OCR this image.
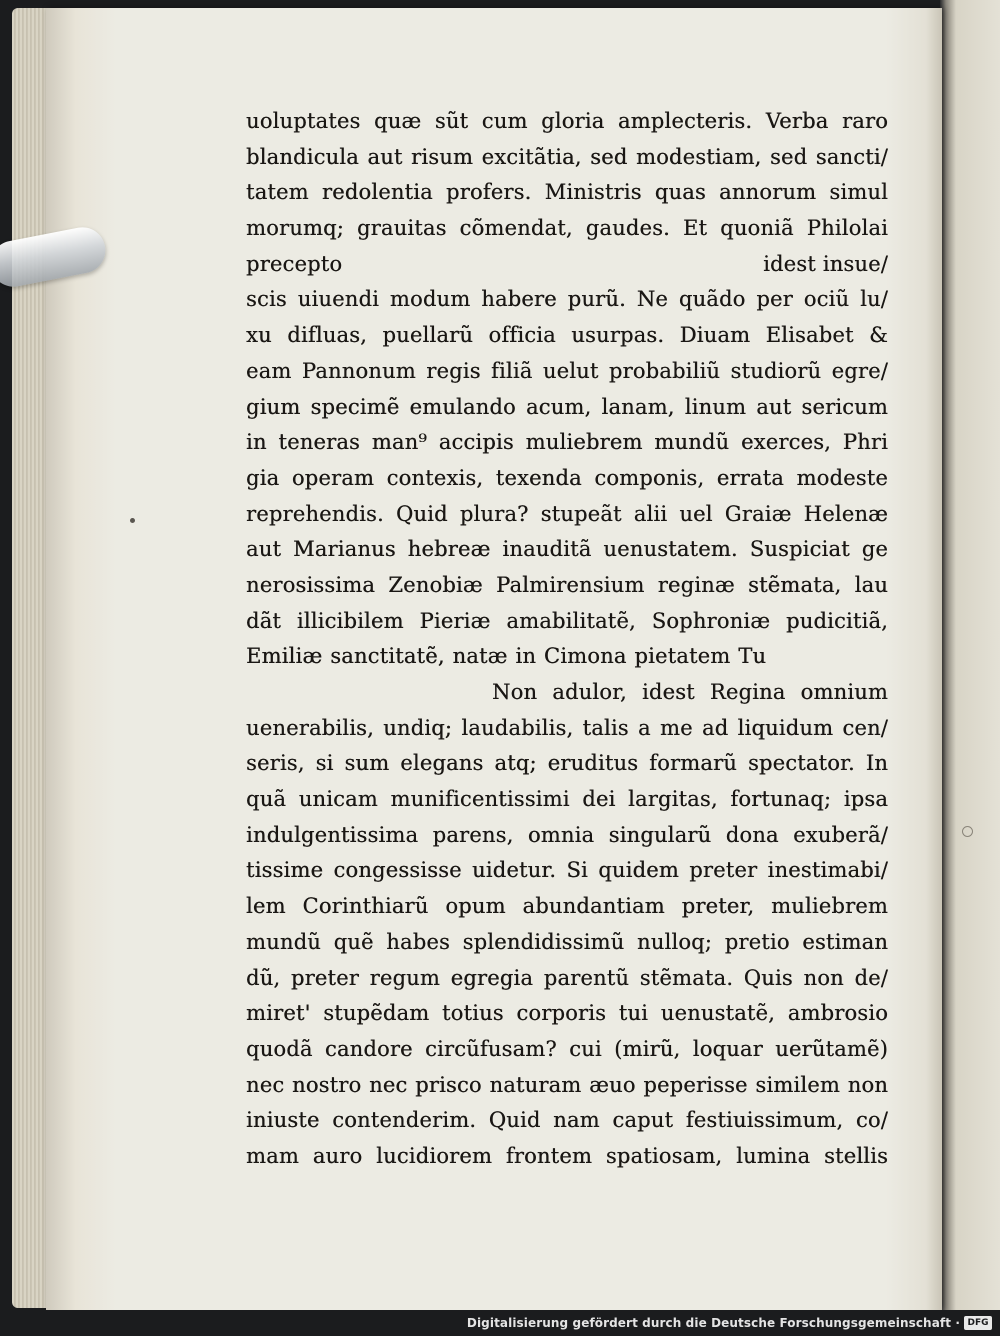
uoluptates quæ sũt cum gloria amplecteris. Verba raro
blandicula aut risum excitãtia, sed modestiam, sed sancti/
tatem redolentia profers. Ministris quas annorum simul
morumq; grauitas cõmendat, gaudes. Et quoniã Philolai
precepto	idest insue/
scis uiuendi modum habere purũ. Ne quãdo per ociũ lu/
xu difluas, puellarũ officia usurpas. Diuam Elisabet &
eam Pannonum regis filiã uelut probabiliũ studiorũ egre/
gium specimẽ emulando acum, lanam, linum aut sericum
in teneras man⁹ accipis muliebrem mundũ exerces, Phri
gia operam contexis, texenda componis, errata modeste
reprehendis. Quid plura? stupeãt alii uel Graiæ Helenæ
aut Marianus hebreæ inauditã uenustatem. Suspiciat ge
nerosissima Zenobiæ Palmirensium reginæ stẽmata, lau
dãt illicibilem Pieriæ amabilitatẽ, Sophroniæ pudicitiã,
Emiliæ sanctitatẽ, natæ in Cimona pietatem Tu
Non adulor, idest Regina omnium
uenerabilis, undiq; laudabilis, talis a me ad liquidum cen/
seris, si sum elegans atq; eruditus formarũ spectator. In
quã unicam munificentissimi dei largitas, fortunaq; ipsa
indulgentissima parens, omnia singularũ dona exuberã/
tissime congessisse uidetur. Si quidem preter inestimabi/
lem Corinthiarũ opum abundantiam preter, muliebrem
mundũ quẽ habes splendidissimũ nulloq; pretio estiman
dũ, preter regum egregia parentũ stẽmata. Quis non de/
miret' stupẽdam totius corporis tui uenustatẽ, ambrosio
quodã candore circũfusam? cui (mirũ, loquar uerũtamẽ)
nec nostro nec prisco naturam æuo peperisse similem non
iniuste contenderim. Quid nam caput festiuissimum, co/
mam auro lucidiorem frontem spatiosam, lumina stellis
Digitalisierung gefördert durch die Deutsche Forschungsgemeinschaft · DFG
